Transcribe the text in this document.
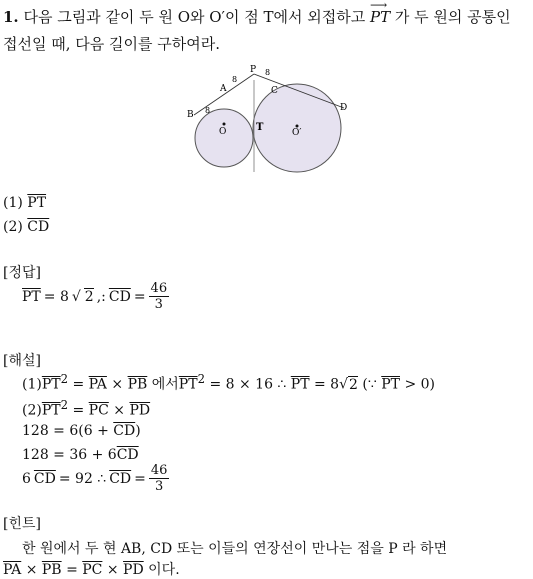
1. 다음 그림과 같이 두 원 O와 O′이 점 T에서 외접하고
⟶
PT 가 두 원의 공통인
접선일 때, 다음 길이를 구하여라.
P
A
B
C
D
T
O	O′
8
8
8
(1) $\overline{PT}$
(2) $\overline{CD}$
[정답]
$\overline{PT} = 8$ √ 2 ,: $\overline{CD} = \frac{46}{3}$
[해설]
$(1)\overline{PT}^2 = \overline{PA} \times \overline{PB}$ 에서$\overline{PT}^2 = 8 \times 16$ ∴ $\overline{PT} = 8√2$ (∵ $\overline{PT} > 0$)
$(2)\overline{PT}^2 = \overline{PC} \times \overline{PD}$
$128 = 6(6 + \overline{CD})$
$128 = 36 + 6\overline{CD}$
6 $\overline{CD} = 92$ ∴ $\overline{CD} = \frac{46}{3}$
[힌트]
한 원에서 두 현 AB, CD 또는 이들의 연장선이 만나는 점을 P 라 하면
$\overline{PA} \times \overline{PB} = \overline{PC} \times \overline{PD}$ 이다.
